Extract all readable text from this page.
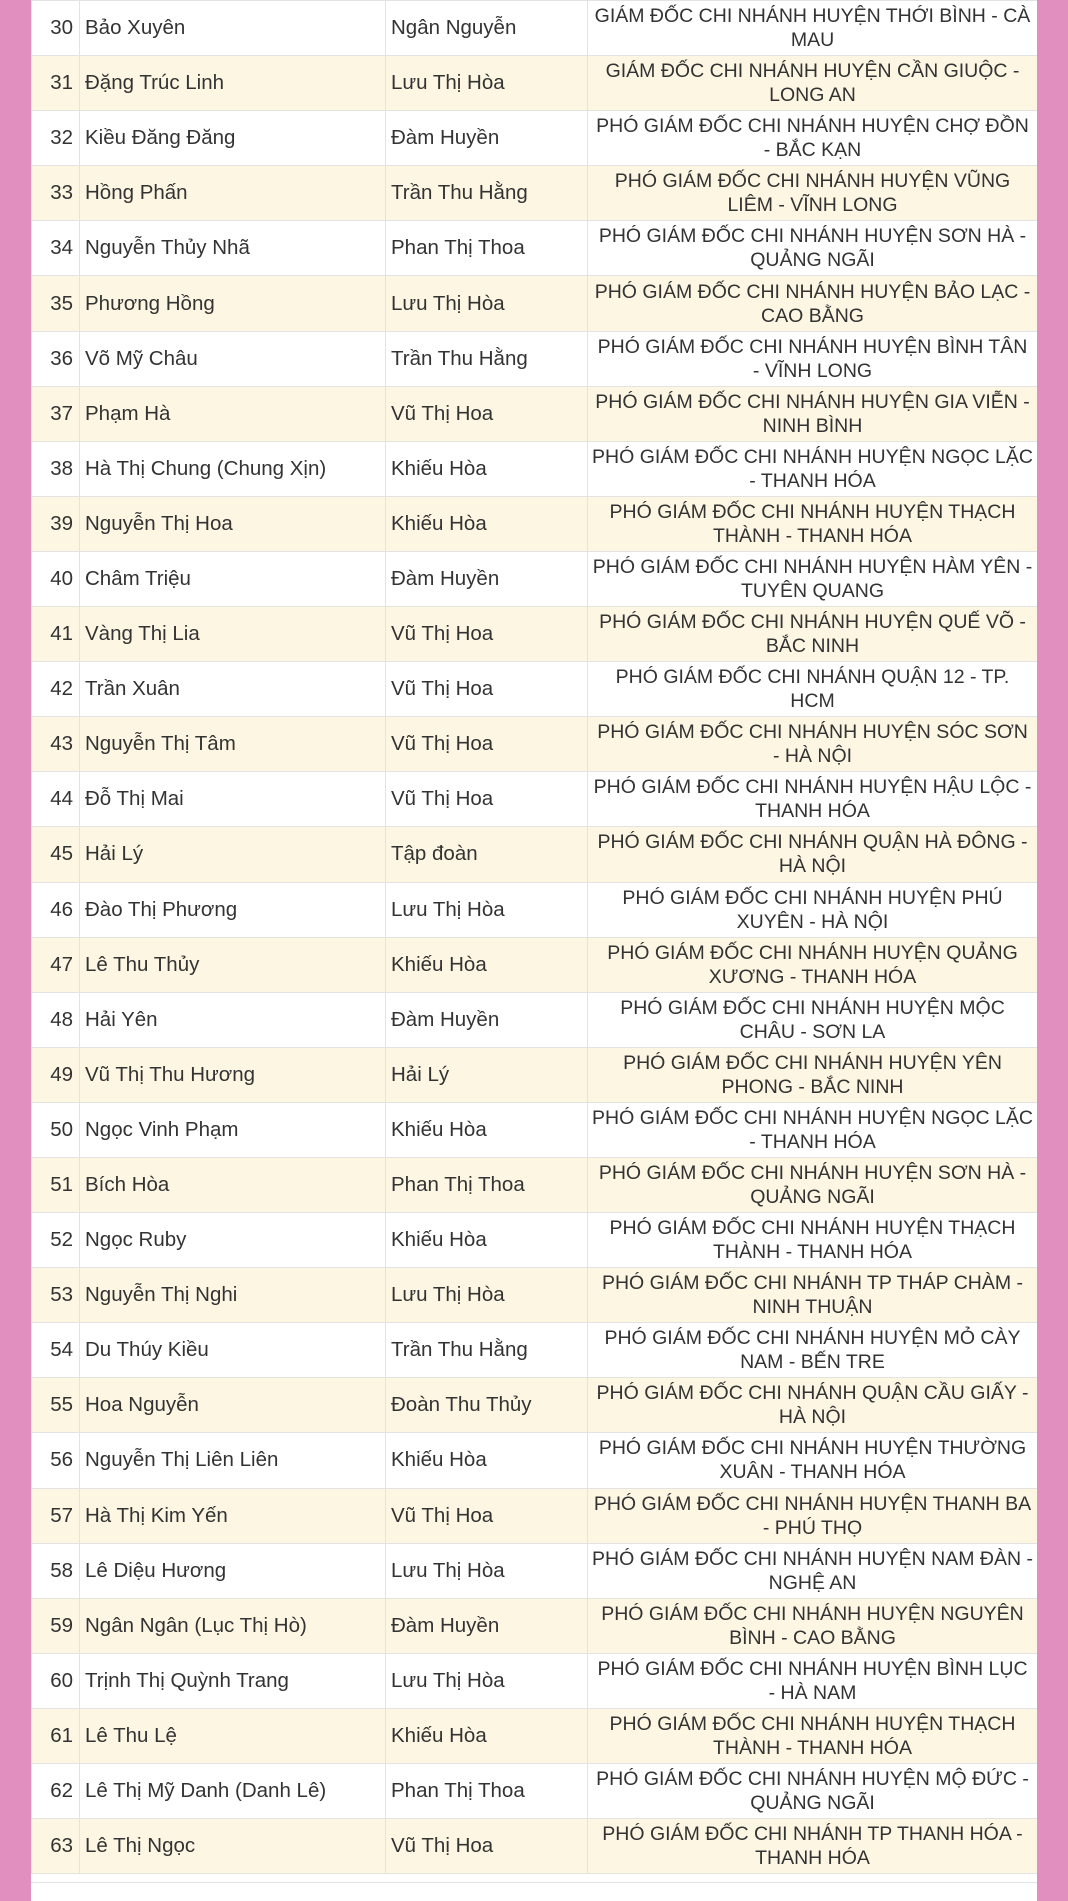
30	Bảo Xuyên	Ngân Nguyễn	GIÁM ĐỐC CHI NHÁNH HUYỆN THỚI BÌNH - CÀ MAU
31	Đặng Trúc Linh	Lưu Thị Hòa	GIÁM ĐỐC CHI NHÁNH HUYỆN CẦN GIUỘC - LONG AN
32	Kiều Đăng Đăng	Đàm Huyền	PHÓ GIÁM ĐỐC CHI NHÁNH HUYỆN CHỢ ĐỒN - BẮC KẠN
33	Hồng Phấn	Trần Thu Hằng	PHÓ GIÁM ĐỐC CHI NHÁNH HUYỆN VŨNG LIÊM - VĨNH LONG
34	Nguyễn Thủy Nhã	Phan Thị Thoa	PHÓ GIÁM ĐỐC CHI NHÁNH HUYỆN SƠN HÀ - QUẢNG NGÃI
35	Phương Hồng	Lưu Thị Hòa	PHÓ GIÁM ĐỐC CHI NHÁNH HUYỆN BẢO LẠC - CAO BẰNG
36	Võ Mỹ Châu	Trần Thu Hằng	PHÓ GIÁM ĐỐC CHI NHÁNH HUYỆN BÌNH TÂN - VĨNH LONG
37	Phạm Hà	Vũ Thị Hoa	PHÓ GIÁM ĐỐC CHI NHÁNH HUYỆN GIA VIỄN - NINH BÌNH
38	Hà Thị Chung (Chung Xịn)	Khiếu Hòa	PHÓ GIÁM ĐỐC CHI NHÁNH HUYỆN NGỌC LẶC - THANH HÓA
39	Nguyễn Thị Hoa	Khiếu Hòa	PHÓ GIÁM ĐỐC CHI NHÁNH HUYỆN THẠCH THÀNH - THANH HÓA
40	Châm Triệu	Đàm Huyền	PHÓ GIÁM ĐỐC CHI NHÁNH HUYỆN HÀM YÊN - TUYÊN QUANG
41	Vàng Thị Lia	Vũ Thị Hoa	PHÓ GIÁM ĐỐC CHI NHÁNH HUYỆN QUẾ VÕ - BẮC NINH
42	Trần Xuân	Vũ Thị Hoa	PHÓ GIÁM ĐỐC CHI NHÁNH QUẬN 12 - TP. HCM
43	Nguyễn Thị Tâm	Vũ Thị Hoa	PHÓ GIÁM ĐỐC CHI NHÁNH HUYỆN SÓC SƠN - HÀ NỘI
44	Đỗ Thị Mai	Vũ Thị Hoa	PHÓ GIÁM ĐỐC CHI NHÁNH HUYỆN HẬU LỘC - THANH HÓA
45	Hải Lý	Tập đoàn	PHÓ GIÁM ĐỐC CHI NHÁNH QUẬN HÀ ĐÔNG - HÀ NỘI
46	Đào Thị Phương	Lưu Thị Hòa	PHÓ GIÁM ĐỐC CHI NHÁNH HUYỆN PHÚ XUYÊN - HÀ NỘI
47	Lê Thu Thủy	Khiếu Hòa	PHÓ GIÁM ĐỐC CHI NHÁNH HUYỆN QUẢNG XƯƠNG - THANH HÓA
48	Hải Yên	Đàm Huyền	PHÓ GIÁM ĐỐC CHI NHÁNH HUYỆN MỘC CHÂU - SƠN LA
49	Vũ Thị Thu Hương	Hải Lý	PHÓ GIÁM ĐỐC CHI NHÁNH HUYỆN YÊN PHONG - BẮC NINH
50	Ngọc Vinh Phạm	Khiếu Hòa	PHÓ GIÁM ĐỐC CHI NHÁNH HUYỆN NGỌC LẶC - THANH HÓA
51	Bích Hòa	Phan Thị Thoa	PHÓ GIÁM ĐỐC CHI NHÁNH HUYỆN SƠN HÀ - QUẢNG NGÃI
52	Ngọc Ruby	Khiếu Hòa	PHÓ GIÁM ĐỐC CHI NHÁNH HUYỆN THẠCH THÀNH - THANH HÓA
53	Nguyễn Thị Nghi	Lưu Thị Hòa	PHÓ GIÁM ĐỐC CHI NHÁNH TP THÁP CHÀM - NINH THUẬN
54	Du Thúy Kiều	Trần Thu Hằng	PHÓ GIÁM ĐỐC CHI NHÁNH HUYỆN MỎ CÀY NAM - BẾN TRE
55	Hoa Nguyễn	Đoàn Thu Thủy	PHÓ GIÁM ĐỐC CHI NHÁNH QUẬN CẦU GIẤY - HÀ NỘI
56	Nguyễn Thị Liên Liên	Khiếu Hòa	PHÓ GIÁM ĐỐC CHI NHÁNH HUYỆN THƯỜNG XUÂN - THANH HÓA
57	Hà Thị Kim Yến	Vũ Thị Hoa	PHÓ GIÁM ĐỐC CHI NHÁNH HUYỆN THANH BA - PHÚ THỌ
58	Lê Diệu Hương	Lưu Thị Hòa	PHÓ GIÁM ĐỐC CHI NHÁNH HUYỆN NAM ĐÀN - NGHỆ AN
59	Ngân Ngân (Lục Thị Hò)	Đàm Huyền	PHÓ GIÁM ĐỐC CHI NHÁNH HUYỆN NGUYÊN BÌNH - CAO BẰNG
60	Trịnh Thị Quỳnh Trang	Lưu Thị Hòa	PHÓ GIÁM ĐỐC CHI NHÁNH HUYỆN BÌNH LỤC - HÀ NAM
61	Lê Thu Lệ	Khiếu Hòa	PHÓ GIÁM ĐỐC CHI NHÁNH HUYỆN THẠCH THÀNH - THANH HÓA
62	Lê Thị Mỹ Danh (Danh Lê)	Phan Thị Thoa	PHÓ GIÁM ĐỐC CHI NHÁNH HUYỆN MỘ ĐỨC - QUẢNG NGÃI
63	Lê Thị Ngọc	Vũ Thị Hoa	PHÓ GIÁM ĐỐC CHI NHÁNH TP THANH HÓA - THANH HÓA
